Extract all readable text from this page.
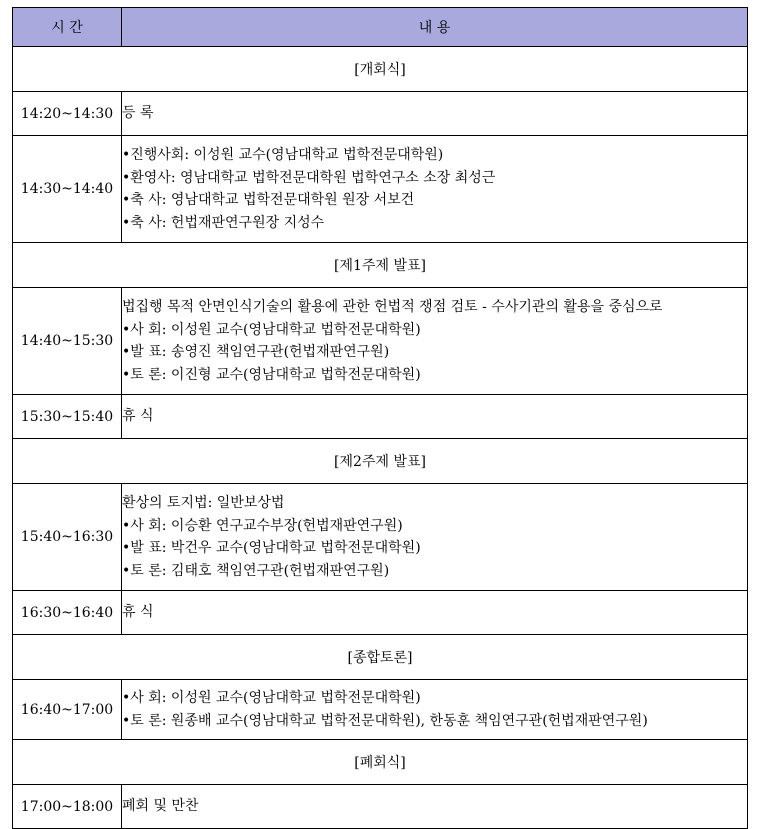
시 간	내 용
[개회식]	
14:20~14:30	등 록

14:30~14:40	•진행사회: 이성원 교수(영남대학교 법학전문대학원)
•환영사: 영남대학교 법학전문대학원 법학연구소 소장 최성근
•축 사: 영남대학교 법학전문대학원 원장 서보건
•축 사: 헌법재판연구원장 지성수

[제1주제 발표]	
14:40~15:30	법집행 목적 안면인식기술의 활용에 관한 헌법적 쟁점 검토 - 수사기관의 활용을 중심으로
•사 회: 이성원 교수(영남대학교 법학전문대학원)
•발 표: 송영진 책임연구관(헌법재판연구원)
•토 론: 이진형 교수(영남대학교 법학전문대학원)

15:30~15:40	휴 식

[제2주제 발표]	
15:40~16:30	환상의 토지법: 일반보상법
•사 회: 이승환 연구교수부장(헌법재판연구원)
•발 표: 박건우 교수(영남대학교 법학전문대학원)
•토 론: 김태호 책임연구관(헌법재판연구원)

16:30~16:40	휴 식

[종합토론]	
16:40~17:00	•사 회: 이성원 교수(영남대학교 법학전문대학원)
•토 론: 원종배 교수(영남대학교 법학전문대학원), 한동훈 책임연구관(헌법재판연구원)

[폐회식]	
17:00~18:00	폐회 및 만찬
